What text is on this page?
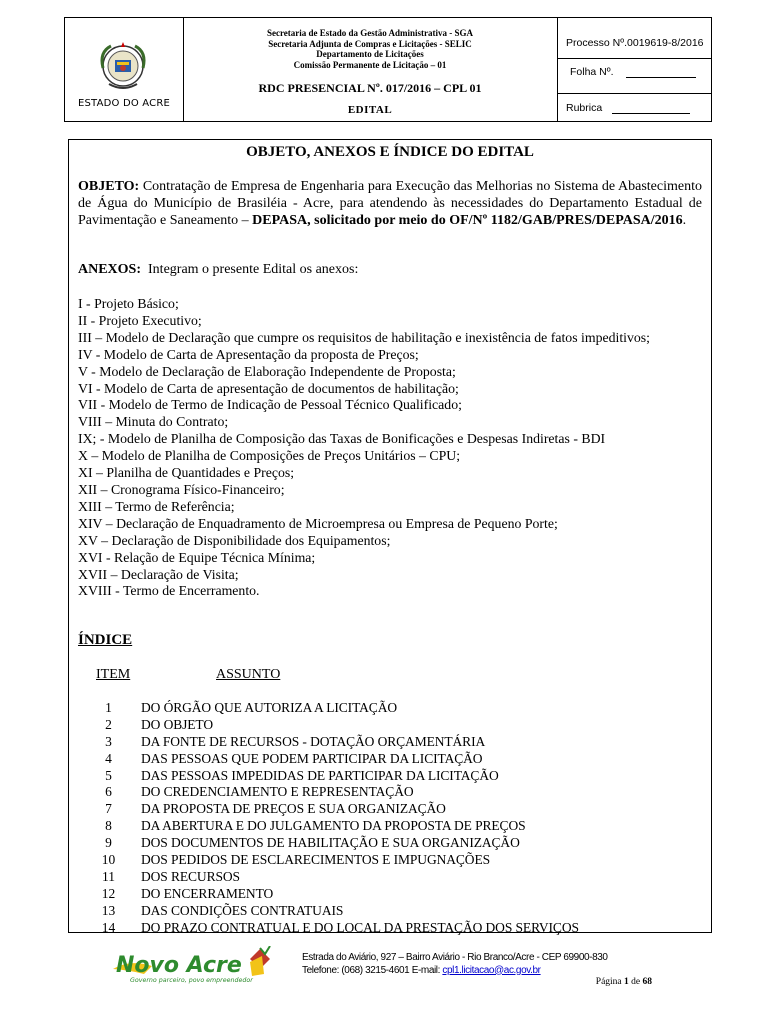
ESTADO DO ACRE
Secretaria de Estado da Gestão Administrativa - SGA
Secretaria Adjunta de Compras e Licitações - SELIC
Departamento de Licitações
Comissão Permanente de Licitação – 01
RDC PRESENCIAL Nº. 017/2016 – CPL 01
EDITAL
Processo Nº.0019619-8/2016
Folha Nº.
Rubrica
OBJETO, ANEXOS E ÍNDICE DO EDITAL
OBJETO: Contratação de Empresa de Engenharia para Execução das Melhorias no Sistema de Abastecimento de Água do Município de Brasiléia - Acre, para atendendo às necessidades do Departamento Estadual de Pavimentação e Saneamento – DEPASA, solicitado por meio do OF/Nº 1182/GAB/PRES/DEPASA/2016.
ANEXOS: Integram o presente Edital os anexos:
I - Projeto Básico;
II - Projeto Executivo;
III – Modelo de Declaração que cumpre os requisitos de habilitação e inexistência de fatos impeditivos;
IV - Modelo de Carta de Apresentação da proposta de Preços;
V - Modelo de Declaração de Elaboração Independente de Proposta;
VI - Modelo de Carta de apresentação de documentos de habilitação;
VII - Modelo de Termo de Indicação de Pessoal Técnico Qualificado;
VIII – Minuta do Contrato;
IX; - Modelo de Planilha de Composição das Taxas de Bonificações e Despesas Indiretas - BDI
X – Modelo de Planilha de Composições de Preços Unitários – CPU;
XI – Planilha de Quantidades e Preços;
XII – Cronograma Físico-Financeiro;
XIII – Termo de Referência;
XIV – Declaração de Enquadramento de Microempresa ou Empresa de Pequeno Porte;
XV – Declaração de Disponibilidade dos Equipamentos;
XVI - Relação de Equipe Técnica Mínima;
XVII – Declaração de Visita;
XVIII - Termo de Encerramento.
ÍNDICE
ITEM	ASSUNTO
1	DO ÓRGÃO QUE AUTORIZA A LICITAÇÃO
2	DO OBJETO
3	DA FONTE DE RECURSOS - DOTAÇÃO ORÇAMENTÁRIA
4	DAS PESSOAS QUE PODEM PARTICIPAR DA LICITAÇÃO
5	DAS PESSOAS IMPEDIDAS DE PARTICIPAR DA LICITAÇÃO
6	DO CREDENCIAMENTO E REPRESENTAÇÃO
7	DA PROPOSTA DE PREÇOS E SUA ORGANIZAÇÃO
8	DA ABERTURA E DO JULGAMENTO DA PROPOSTA DE PREÇOS
9	DOS DOCUMENTOS DE HABILITAÇÃO E SUA ORGANIZAÇÃO
10	DOS PEDIDOS DE ESCLARECIMENTOS E IMPUGNAÇÕES
11	DOS RECURSOS
12	DO ENCERRAMENTO
13	DAS CONDIÇÕES CONTRATUAIS
14	DO PRAZO CONTRATUAL E DO LOCAL DA PRESTAÇÃO DOS SERVIÇOS
Novo Acre
Governo parceiro, povo empreendedor
Estrada do Aviário, 927 – Bairro Aviário - Rio Branco/Acre - CEP 69900-830
Telefone: (068) 3215-4601 E-mail: cpl1.licitacao@ac.gov.br
Página 1 de 68
